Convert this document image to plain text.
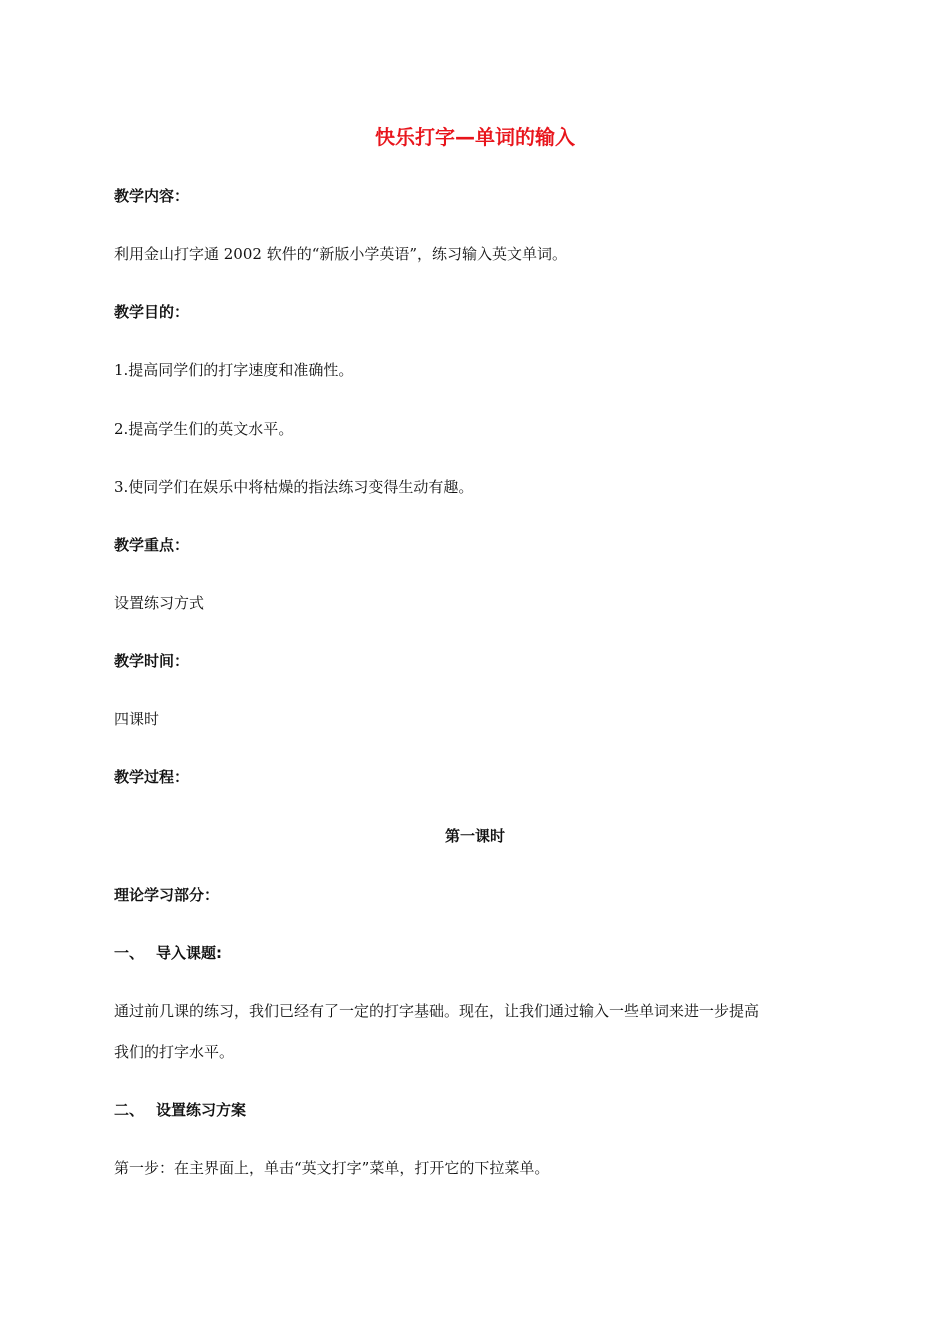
快乐打字—单词的输入
教学内容：
利用金山打字通 2002 软件的“新版小学英语”，练习输入英文单词。
教学目的：
1.提高同学们的打字速度和准确性。
2.提高学生们的英文水平。
3.使同学们在娱乐中将枯燥的指法练习变得生动有趣。
教学重点：
设置练习方式
教学时间：
四课时
教学过程：
第一课时
理论学习部分：
一、 导入课题:
通过前几课的练习，我们已经有了一定的打字基础。现在，让我们通过输入一些单词来进一步提高
我们的打字水平。
二、 设置练习方案
第一步：在主界面上，单击“英文打字”菜单，打开它的下拉菜单。
